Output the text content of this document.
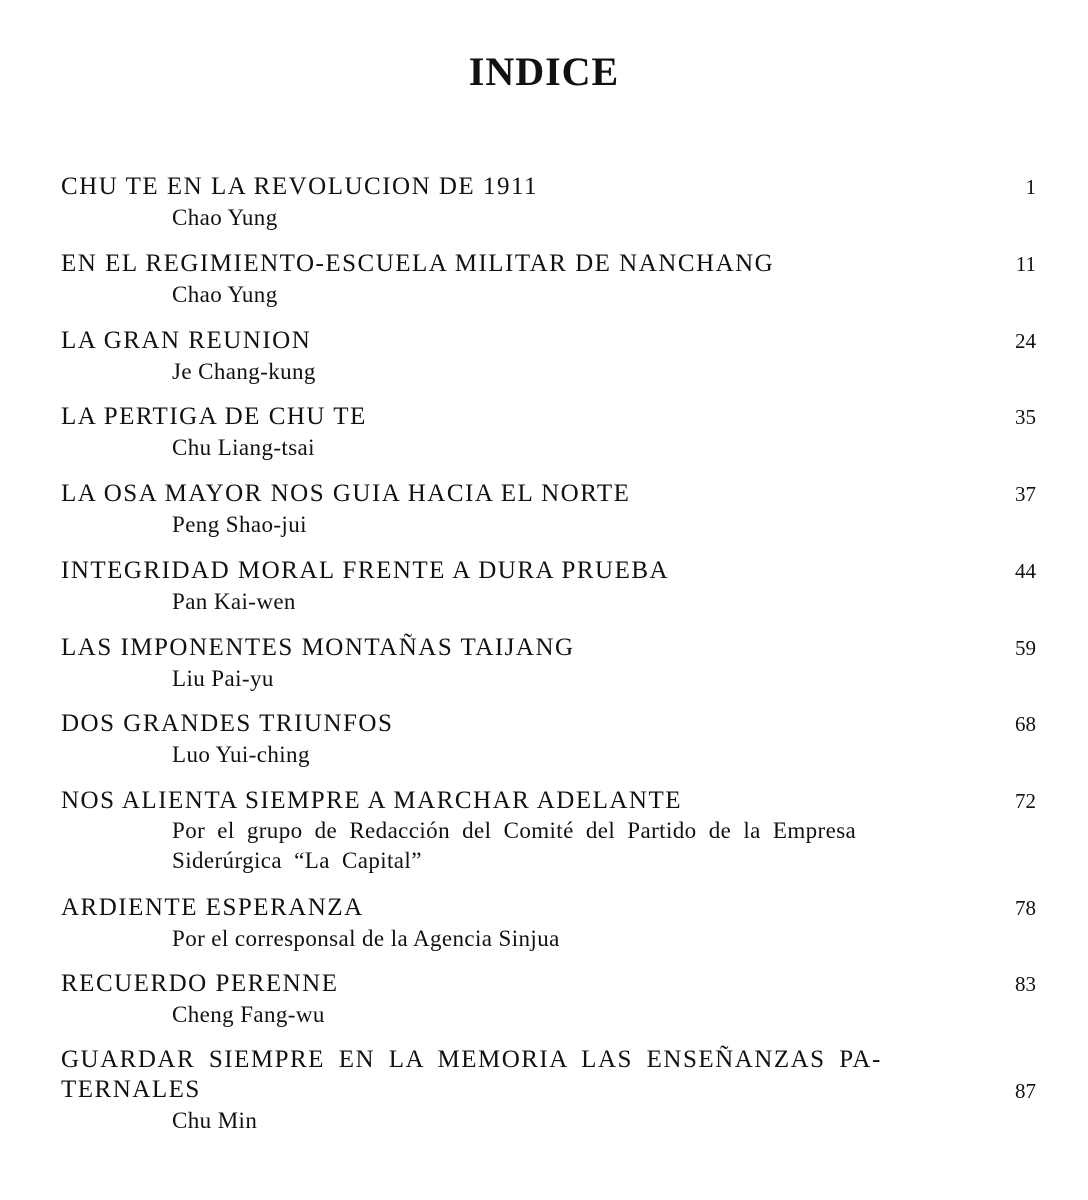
INDICE
CHU TE EN LA REVOLUCION DE 1911	1
Chao Yung
EN EL REGIMIENTO-ESCUELA MILITAR DE NANCHANG	11
Chao Yung
LA GRAN REUNION	24
Je Chang-kung
LA PERTIGA DE CHU TE	35
Chu Liang-tsai
LA OSA MAYOR NOS GUIA HACIA EL NORTE	37
Peng Shao-jui
INTEGRIDAD MORAL FRENTE A DURA PRUEBA	44
Pan Kai-wen
LAS IMPONENTES MONTAÑAS TAIJANG	59
Liu Pai-yu
DOS GRANDES TRIUNFOS	68
Luo Yui-ching
NOS ALIENTA SIEMPRE A MARCHAR ADELANTE	72
Por el grupo de Redacción del Comité del Partido de la Empresa Siderúrgica “La Capital”
ARDIENTE ESPERANZA	78
Por el corresponsal de la Agencia Sinjua
RECUERDO PERENNE	83
Cheng Fang-wu
GUARDAR SIEMPRE EN LA MEMORIA LAS ENSEÑANZAS PA- TERNALES	87
Chu Min
